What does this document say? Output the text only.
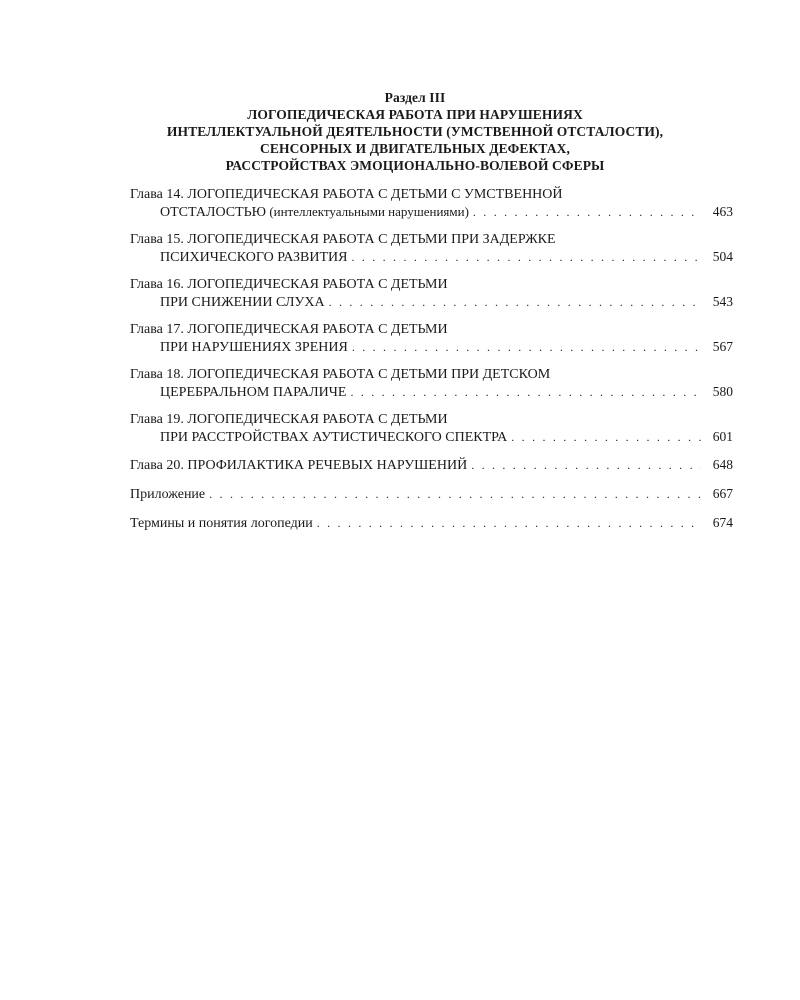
Раздел III
ЛОГОПЕДИЧЕСКАЯ РАБОТА ПРИ НАРУШЕНИЯХ
ИНТЕЛЛЕКТУАЛЬНОЙ ДЕЯТЕЛЬНОСТИ (УМСТВЕННОЙ ОТСТАЛОСТИ),
СЕНСОРНЫХ И ДВИГАТЕЛЬНЫХ ДЕФЕКТАХ,
РАССТРОЙСТВАХ ЭМОЦИОНАЛЬНО-ВОЛЕВОЙ СФЕРЫ
Глава 14. ЛОГОПЕДИЧЕСКАЯ РАБОТА С ДЕТЬМИ С УМСТВЕННОЙ
ОТСТАЛОСТЬЮ (интеллектуальными нарушениями) . . .	463
Глава 15. ЛОГОПЕДИЧЕСКАЯ РАБОТА С ДЕТЬМИ ПРИ ЗАДЕРЖКЕ
ПСИХИЧЕСКОГО РАЗВИТИЯ . . .	504
Глава 16. ЛОГОПЕДИЧЕСКАЯ РАБОТА С ДЕТЬМИ
ПРИ СНИЖЕНИИ СЛУХА . . .	543
Глава 17. ЛОГОПЕДИЧЕСКАЯ РАБОТА С ДЕТЬМИ
ПРИ НАРУШЕНИЯХ ЗРЕНИЯ . . .	567
Глава 18. ЛОГОПЕДИЧЕСКАЯ РАБОТА С ДЕТЬМИ ПРИ ДЕТСКОМ
ЦЕРЕБРАЛЬНОМ ПАРАЛИЧЕ . . .	580
Глава 19. ЛОГОПЕДИЧЕСКАЯ РАБОТА С ДЕТЬМИ
ПРИ РАССТРОЙСТВАХ АУТИСТИЧЕСКОГО СПЕКТРА . . .	601
Глава 20. ПРОФИЛАКТИКА РЕЧЕВЫХ НАРУШЕНИЙ . . .	648
Приложение . . .	667
Термины и понятия логопедии . . .	674
